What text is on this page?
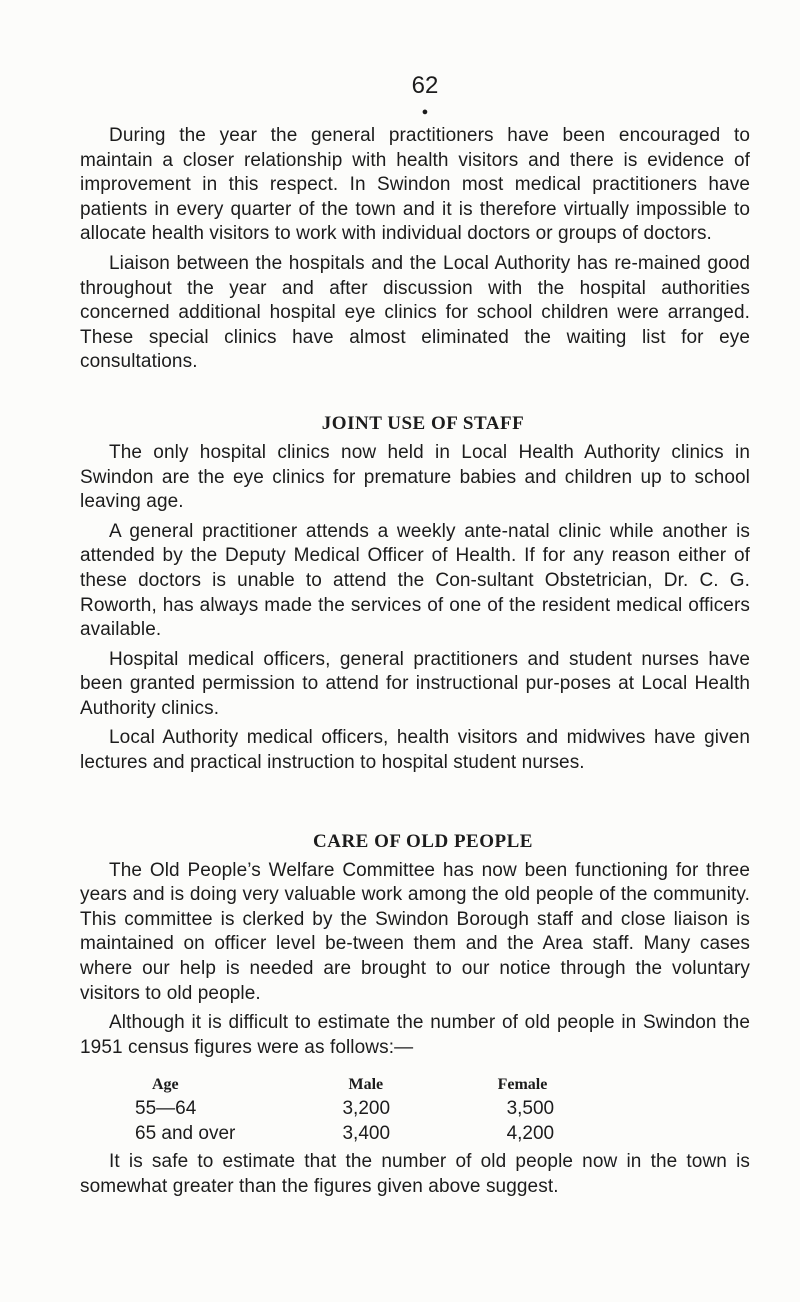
62
●

During the year the general practitioners have been encouraged to maintain a closer relationship with health visitors and there is evidence of improvement in this respect. In Swindon most medical practitioners have patients in every quarter of the town and it is therefore virtually impossible to allocate health visitors to work with individual doctors or groups of doctors.

Liaison between the hospitals and the Local Authority has re-mained good throughout the year and after discussion with the hospital authorities concerned additional hospital eye clinics for school children were arranged. These special clinics have almost eliminated the waiting list for eye consultations.

JOINT USE OF STAFF

The only hospital clinics now held in Local Health Authority clinics in Swindon are the eye clinics for premature babies and children up to school leaving age.

A general practitioner attends a weekly ante-natal clinic while another is attended by the Deputy Medical Officer of Health. If for any reason either of these doctors is unable to attend the Con-sultant Obstetrician, Dr. C. G. Roworth, has always made the services of one of the resident medical officers available.

Hospital medical officers, general practitioners and student nurses have been granted permission to attend for instructional pur-poses at Local Health Authority clinics.

Local Authority medical officers, health visitors and midwives have given lectures and practical instruction to hospital student nurses.

CARE OF OLD PEOPLE

The Old People’s Welfare Committee has now been functioning for three years and is doing very valuable work among the old people of the community. This committee is clerked by the Swindon Borough staff and close liaison is maintained on officer level be-tween them and the Area staff. Many cases where our help is needed are brought to our notice through the voluntary visitors to old people.

Although it is difficult to estimate the number of old people in Swindon the 1951 census figures were as follows:—

Age	Male	Female
55—64	3,200	3,500
65 and over	3,400	4,200

It is safe to estimate that the number of old people now in the town is somewhat greater than the figures given above suggest.
